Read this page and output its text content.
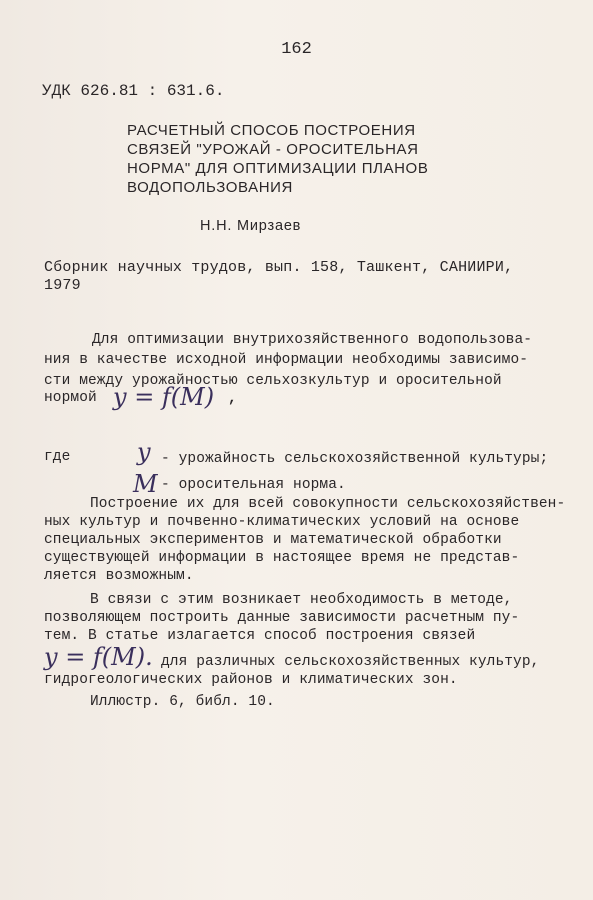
162
УДК 626.81 : 631.6.
РАСЧЕТНЫЙ СПОСОБ ПОСТРОЕНИЯ
СВЯЗЕЙ "УРОЖАЙ - ОРОСИТЕЛЬНАЯ
НОРМА" ДЛЯ ОПТИМИЗАЦИИ ПЛАНОВ
ВОДОПОЛЬЗОВАНИЯ
Н.Н. Мирзаев
Сборник научных трудов, вып. 158, Ташкент, САНИИРИ,
1979
Для оптимизации внутрихозяйственного водопользова-
ния в качестве исходной информации необходимы зависимо-
сти между урожайностью сельхозкультур и оросительной
нормой y = f(M) ,
где	y - урожайность сельскохозяйственной культуры;
M - оросительная норма.
Построение их для всей совокупности сельскохозяйствен-
ных культур и почвенно-климатических условий на основе
специальных экспериментов и математической обработки
существующей информации в настоящее время не представ-
ляется возможным.
В связи с этим возникает необходимость в методе,
позволяющем построить данные зависимости расчетным пу-
тем. В статье излагается способ построения связей
y = f(M). для различных сельскохозяйственных культур,
гидрогеологических районов и климатических зон.
Иллюстр. 6, библ. 10.
